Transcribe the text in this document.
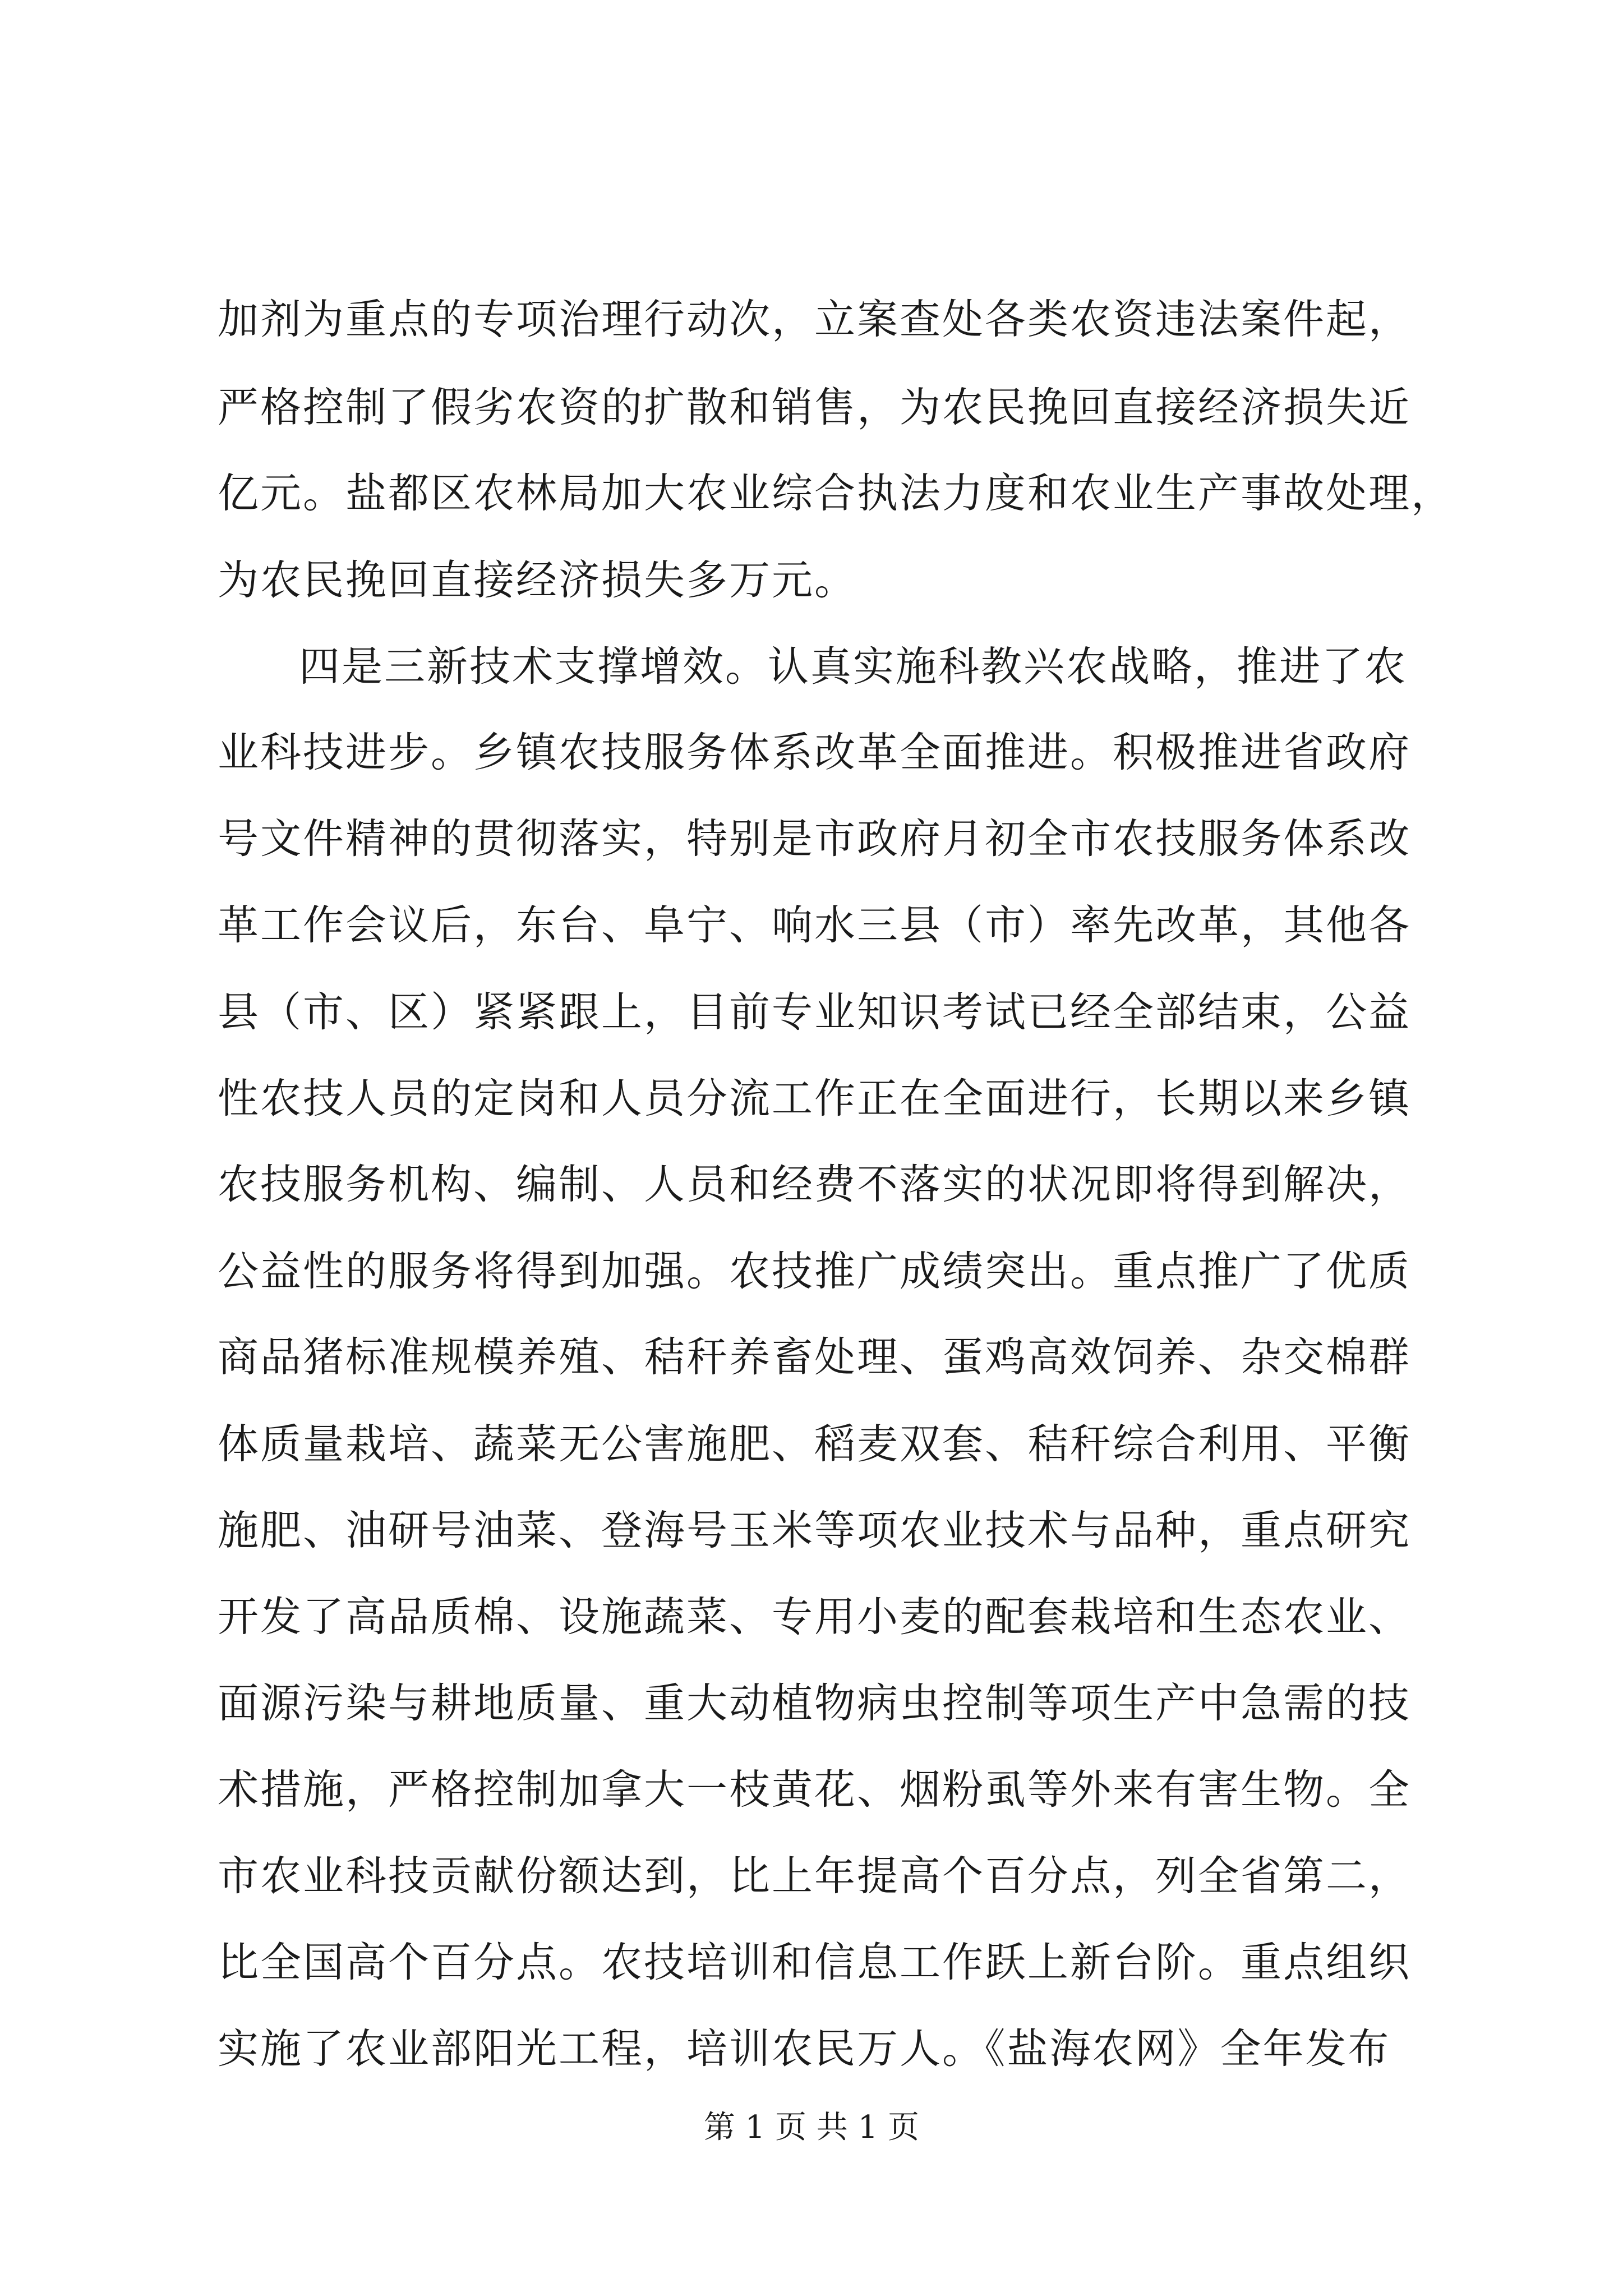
加剂为重点的专项治理行动次，立案查处各类农资违法案件起，
严格控制了假劣农资的扩散和销售，为农民挽回直接经济损失近
亿元。盐都区农林局加大农业综合执法力度和农业生产事故处理，
为农民挽回直接经济损失多万元。
四是三新技术支撑增效。认真实施科教兴农战略，推进了农
业科技进步。乡镇农技服务体系改革全面推进。积极推进省政府
号文件精神的贯彻落实，特别是市政府月初全市农技服务体系改
革工作会议后，东台、阜宁、响水三县（市）率先改革，其他各
县（市、区）紧紧跟上，目前专业知识考试已经全部结束，公益
性农技人员的定岗和人员分流工作正在全面进行，长期以来乡镇
农技服务机构、编制、人员和经费不落实的状况即将得到解决，
公益性的服务将得到加强。农技推广成绩突出。重点推广了优质
商品猪标准规模养殖、秸秆养畜处理、蛋鸡高效饲养、杂交棉群
体质量栽培、蔬菜无公害施肥、稻麦双套、秸秆综合利用、平衡
施肥、油研号油菜、登海号玉米等项农业技术与品种，重点研究
开发了高品质棉、设施蔬菜、专用小麦的配套栽培和生态农业、
面源污染与耕地质量、重大动植物病虫控制等项生产中急需的技
术措施，严格控制加拿大一枝黄花、烟粉虱等外来有害生物。全
市农业科技贡献份额达到，比上年提高个百分点，列全省第二，
比全国高个百分点。农技培训和信息工作跃上新台阶。重点组织
实施了农业部阳光工程，培训农民万人。《盐海农网》全年发布
第 1 页 共 1 页
